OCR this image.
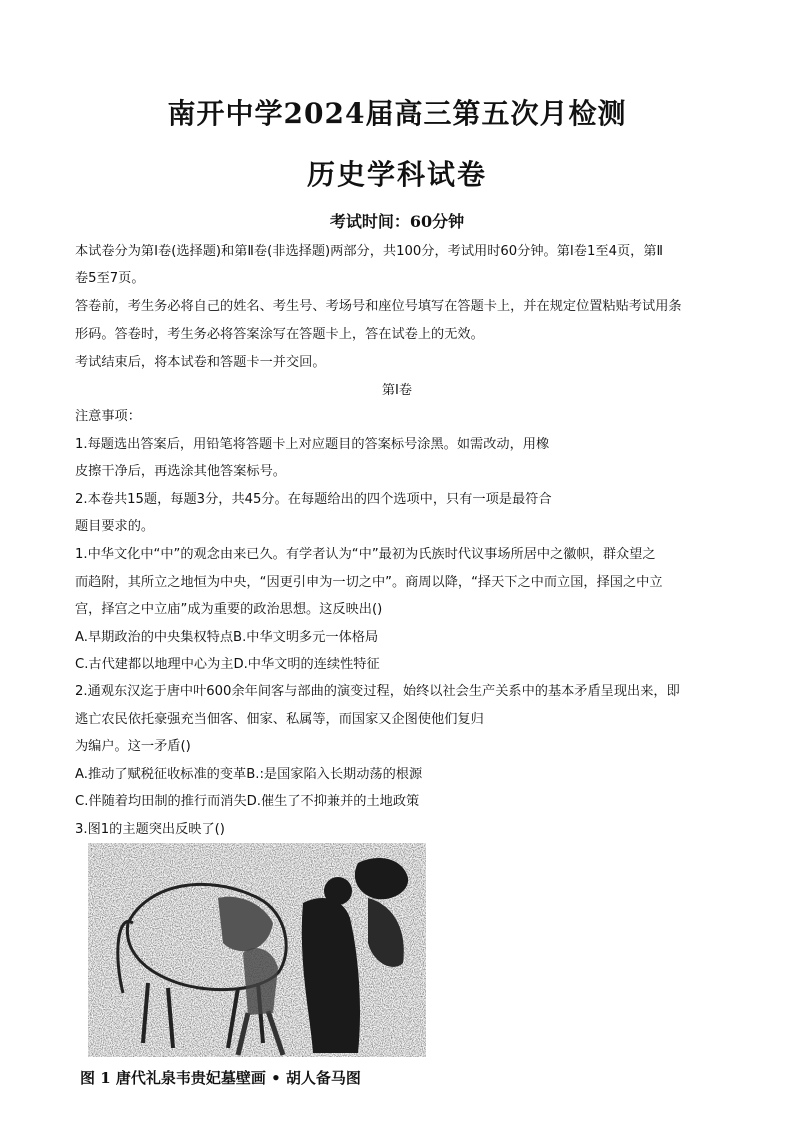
南开中学2024届高三第五次月检测
历史学科试卷
考试时间：60分钟
本试卷分为第Ⅰ卷(选择题)和第Ⅱ卷(非选择题)两部分，共100分，考试用时60分钟。第Ⅰ卷1至4页，第Ⅱ
卷5至7页。
答卷前，考生务必将自己的姓名、考生号、考场号和座位号填写在答题卡上，并在规定位置粘贴考试用条
形码。答卷时，考生务必将答案涂写在答题卡上，答在试卷上的无效。
考试结束后，将本试卷和答题卡一并交回。
第Ⅰ卷
注意事项：
1.每题选出答案后，用铅笔将答题卡上对应题目的答案标号涂黑。如需改动，用橡
皮擦干净后，再选涂其他答案标号。
2.本卷共15题，每题3分，共45分。在每题给出的四个选项中，只有一项是最符合
题目要求的。
1.中华文化中“中”的观念由来已久。有学者认为“中”最初为氏族时代议事场所居中之徽帜，群众望之
而趋附，其所立之地恒为中央，“因更引申为一切之中”。商周以降，“择天下之中而立国，择国之中立
宫，择宫之中立庙”成为重要的政治思想。这反映出()
A.早期政治的中央集权特点B.中华文明多元一体格局
C.古代建都以地理中心为主D.中华文明的连续性特征
2.通观东汉迄于唐中叶600余年间客与部曲的演变过程，始终以社会生产关系中的基本矛盾呈现出来，即
逃亡农民依托豪强充当佃客、佃家、私属等，而国家又企图使他们复归
为编户。这一矛盾()
A.推动了赋税征收标准的变革B.:是国家陷入长期动荡的根源
C.伴随着均田制的推行而消失D.催生了不抑兼并的土地政策
3.图1的主题突出反映了()
图 1 唐代礼泉韦贵妃墓壁画 • 胡人备马图
